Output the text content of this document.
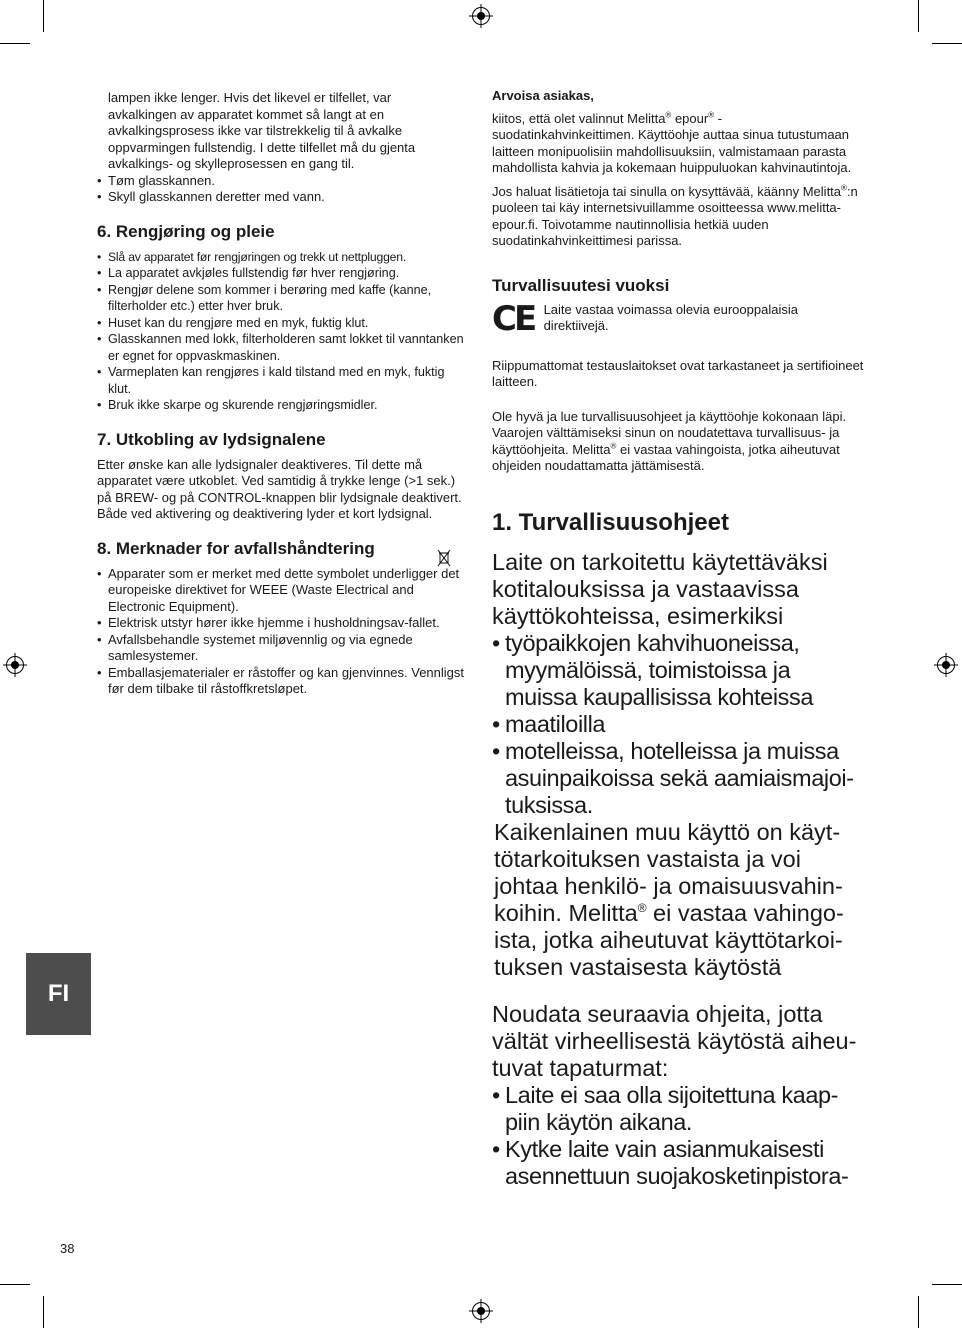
lampen ikke lenger. Hvis det likevel er tilfellet, var

avkalkingen av apparatet kommet så langt at en

avkalkingsprosess ikke var tilstrekkelig til å avkalke

oppvarmingen fullstendig. I dette tilfellet må du gjenta

avkalkings- og skylleprosessen en gang til.

• Tøm glasskannen.
• Skyll glasskannen deretter med vann.
6. Rengjøring og pleie
• Slå av apparatet før rengjøringen og trekk ut nettpluggen.
• La apparatet avkjøles fullstendig før hver rengjøring.
• Rengjør delene som kommer i berøring med kaffe (kanne, filterholder etc.) etter hver bruk.
• Huset kan du rengjøre med en myk, fuktig klut.
• Glasskannen med lokk, filterholderen samt lokket til vanntanken er egnet for oppvaskmaskinen.
• Varmeplaten kan rengjøres i kald tilstand med en myk, fuktig klut.
• Bruk ikke skarpe og skurende rengjøringsmidler.
7. Utkobling av lydsignalene

Etter ønske kan alle lydsignaler deaktiveres. Til dette må apparatet være utkoblet. Ved samtidig å trykke lenge (>1 sek.) på BREW- og på CONTROL-knappen blir lydsignale deaktivert. Både ved aktivering og deaktivering lyder et kort lydsignal.

8. Merknader for avfallshåndtering
• Apparater som er merket med dette symbolet underligger det europeiske direktivet for WEEE (Waste Electrical and Electronic Equipment).
• Elektrisk utstyr hører ikke hjemme i husholdningsav-fallet.
• Avfallsbehandle systemet miljøvennlig og via egnede samlesystemer.
• Emballasjematerialer er råstoffer og kan gjenvinnes. Vennligst før dem tilbake til råstoffkretsløpet.

Arvoisa asiakas,

kiitos, että olet valinnut Melitta® epour® -suodatinkahvinkeittimen. Käyttöohje auttaa sinua tutustumaan laitteen monipuolisiin mahdollisuuksiin, valmistamaan parasta mahdollista kahvia ja kokemaan huippuluokan kahvinautintoja.

Jos haluat lisätietoja tai sinulla on kysyttävää, käänny Melitta®:n puoleen tai käy internetsivuillamme osoitteessa www.melitta-epour.fi. Toivotamme nautinnollisia hetkiä uuden suodatinkahvinkeittimesi parissa.

Turvallisuutesi vuoksi
CE Laite vastaa voimassa olevia eurooppalaisia direktiivejä.

Riippumattomat testauslaitokset ovat tarkastaneet ja sertifioineet laitteen.

Ole hyvä ja lue turvallisuusohjeet ja käyttöohje kokonaan läpi. Vaarojen välttämiseksi sinun on noudatettava turvallisuus- ja käyttöohjeita. Melitta® ei vastaa vahingoista, jotka aiheutuvat ohjeiden noudattamatta jättämisestä.

1. Turvallisuusohjeet

Laite on tarkoitettu käytettäväksi kotitalouksissa ja vastaavissa käyttökohteissa, esimerkiksi

• työpaikkojen kahvihuoneissa, myymälöissä, toimistoissa ja muissa kaupallisissa kohteissa
• maatiloilla
• motelleissa, hotelleissa ja muissa asuinpaikoissa sekä aamiaismajoi-tuksissa.

Kaikenlainen muu käyttö on käyt-tötarkoituksen vastaista ja voi johtaa henkilö- ja omaisuusvahin-koihin. Melitta® ei vastaa vahingo-ista, jotka aiheutuvat käyttötarkoi-tuksen vastaisesta käytöstä

Noudata seuraavia ohjeita, jotta vältät virheellisestä käytöstä aiheu-tuvat tapaturmat:

• Laite ei saa olla sijoitettuna kaap-piin käytön aikana.
• Kytke laite vain asianmukaisesti asennettuun suojakosketinpistora-
FI
38
